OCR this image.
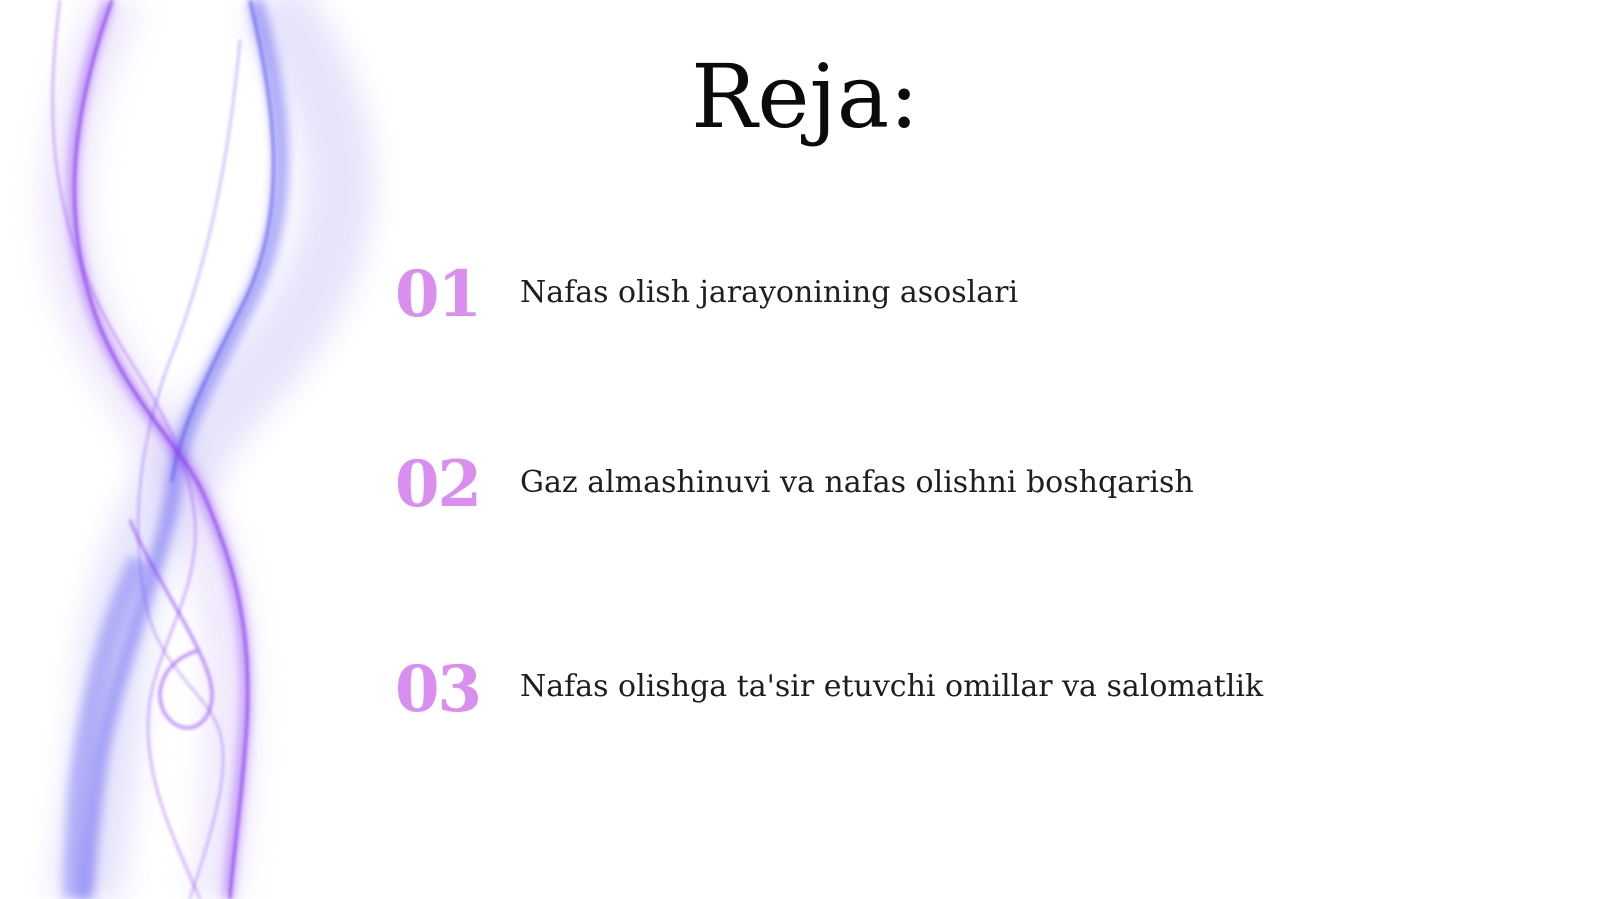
Reja:
01 Nafas olish jarayonining asoslari
02 Gaz almashinuvi va nafas olishni boshqarish
03 Nafas olishga ta'sir etuvchi omillar va salomatlik
